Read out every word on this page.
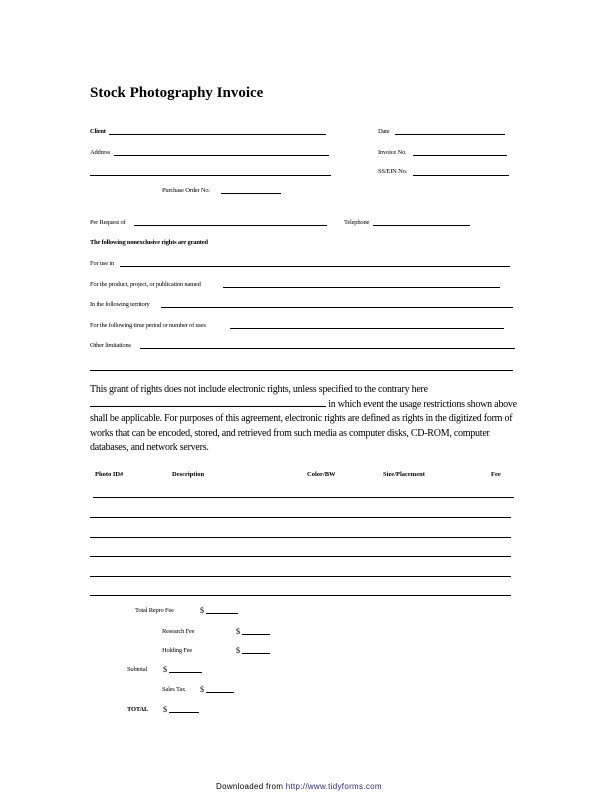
Stock Photography Invoice
Client	Date
Address	Invoice No.
SS/EIN No.
Purchase Order No.
Per Request of	Telephone
The following nonexclusive rights are granted
For use in
For the product, project, or publication named
In the following territory
For the following time period or number of uses
Other limitations
This grant of rights does not include electronic rights, unless specified to the contrary here in which event the usage restrictions shown above shall be applicable. For purposes of this agreement, electronic rights are defined as rights in the digitized form of works that can be encoded, stored, and retrieved from such media as computer disks, CD-ROM, computer databases, and network servers.
Photo ID#	Description	Color/BW	Size/Placement	Fee
Total Repro Fee	$
Research Fee	$
Holding Fee	$
Subtotal $
Sales Tax $
TOTAL $
Downloaded from http://www.tidyforms.com
